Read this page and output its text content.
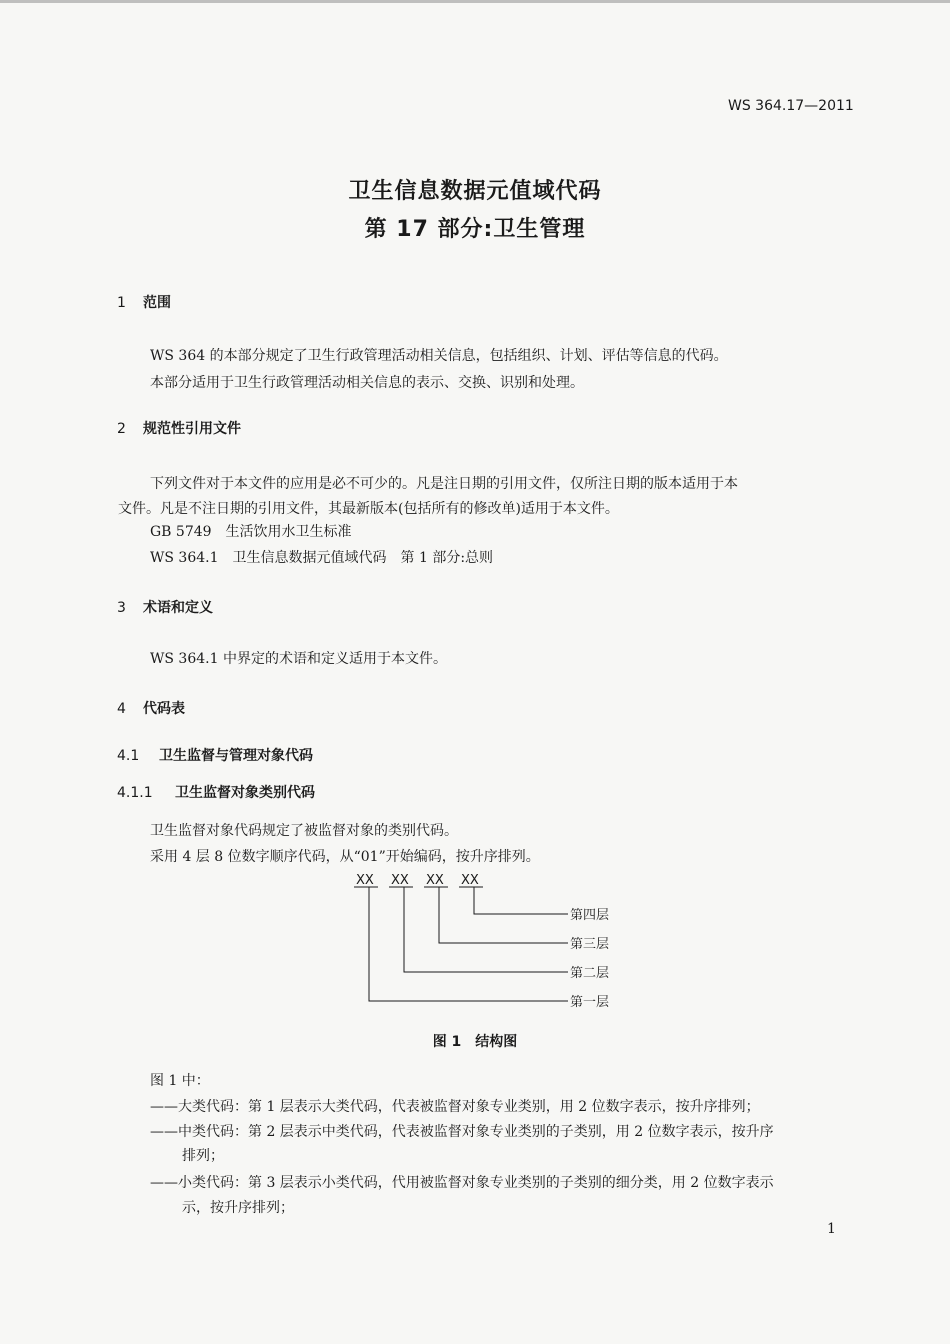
WS 364.17—2011
卫生信息数据元值域代码
第 17 部分:卫生管理
1 范围
WS 364 的本部分规定了卫生行政管理活动相关信息，包括组织、计划、评估等信息的代码。
本部分适用于卫生行政管理活动相关信息的表示、交换、识别和处理。
2 规范性引用文件
下列文件对于本文件的应用是必不可少的。凡是注日期的引用文件，仅所注日期的版本适用于本
文件。凡是不注日期的引用文件，其最新版本(包括所有的修改单)适用于本文件。
GB 5749　生活饮用水卫生标准
WS 364.1　卫生信息数据元值域代码　第 1 部分:总则
3 术语和定义
WS 364.1 中界定的术语和定义适用于本文件。
4 代码表
4.1 卫生监督与管理对象代码
4.1.1 卫生监督对象类别代码
卫生监督对象代码规定了被监督对象的类别代码。
采用 4 层 8 位数字顺序代码，从“01”开始编码，按升序排列。
XX XX XX XX
第四层
第三层
第二层
第一层
图 1　结构图
图 1 中：
——大类代码：第 1 层表示大类代码，代表被监督对象专业类别，用 2 位数字表示，按升序排列；
——中类代码：第 2 层表示中类代码，代表被监督对象专业类别的子类别，用 2 位数字表示，按升序
排列；
——小类代码：第 3 层表示小类代码，代用被监督对象专业类别的子类别的细分类，用 2 位数字表示
示，按升序排列；
1
